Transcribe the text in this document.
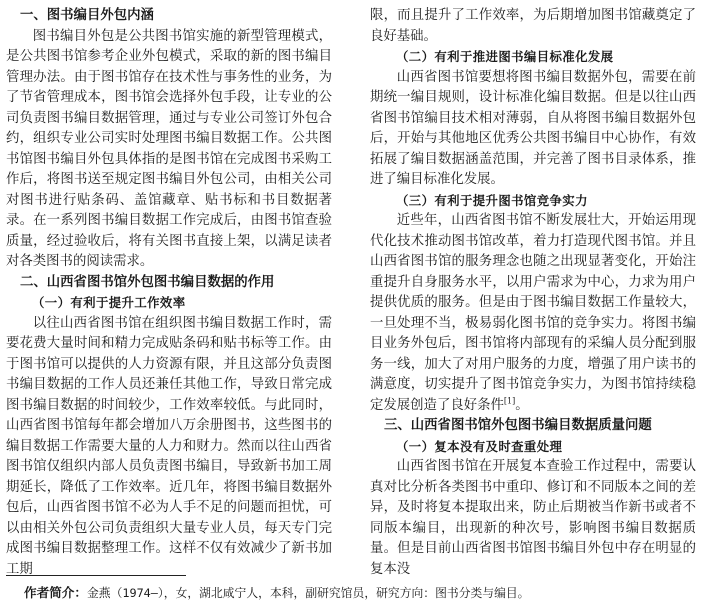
一、图书编目外包内涵

图书编目外包是公共图书馆实施的新型管理模式，是公共图书馆参考企业外包模式，采取的新的图书编目管理办法。由于图书馆存在技术性与事务性的业务，为了节省管理成本，图书馆会选择外包手段，让专业的公司负责图书编目数据管理，通过与专业公司签订外包合约，组织专业公司实时处理图书编目数据工作。公共图书馆图书编目外包具体指的是图书馆在完成图书采购工作后，将图书送至规定图书编目外包公司，由相关公司对图书进行贴条码、盖馆藏章、贴书标和书目数据著录。在一系列图书编目数据工作完成后，由图书馆查验质量，经过验收后，将有关图书直接上架，以满足读者对各类图书的阅读需求。

二、山西省图书馆外包图书编目数据的作用
（一）有利于提升工作效率

以往山西省图书馆在组织图书编目数据工作时，需要花费大量时间和精力完成贴条码和贴书标等工作。由于图书馆可以提供的人力资源有限，并且这部分负责图书编目数据的工作人员还兼任其他工作，导致日常完成图书编目数据的时间较少，工作效率较低。与此同时，山西省图书馆每年都会增加八万余册图书，这些图书的编目数据工作需要大量的人力和财力。然而以往山西省图书馆仅组织内部人员负责图书编目，导致新书加工周期延长，降低了工作效率。近几年，将图书编目数据外包后，山西省图书馆不必为人手不足的问题而担忧，可以由相关外包公司负责组织大量专业人员，每天专门完成图书编目数据整理工作。这样不仅有效减少了新书加工期

限，而且提升了工作效率，为后期增加图书馆藏奠定了良好基础。

（二）有利于推进图书编目标准化发展

山西省图书馆要想将图书编目数据外包，需要在前期统一编目规则，设计标准化编目数据。但是以往山西省图书馆编目技术相对薄弱，自从将图书编目数据外包后，开始与其他地区优秀公共图书编目中心协作，有效拓展了编目数据涵盖范围，并完善了图书目录体系，推进了编目标准化发展。

（三）有利于提升图书馆竞争实力

近些年，山西省图书馆不断发展壮大，开始运用现代化技术推动图书馆改革，着力打造现代图书馆。并且山西省图书馆的服务理念也随之出现显著变化，开始注重提升自身服务水平，以用户需求为中心，力求为用户提供优质的服务。但是由于图书编目数据工作量较大，一旦处理不当，极易弱化图书馆的竞争实力。将图书编目业务外包后，图书馆将内部现有的采编人员分配到服务一线，加大了对用户服务的力度，增强了用户读书的满意度，切实提升了图书馆竞争实力，为图书馆持续稳定发展创造了良好条件[1]。

三、山西省图书馆外包图书编目数据质量问题
（一）复本没有及时查重处理

山西省图书馆在开展复本查验工作过程中，需要认真对比分析各类图书中重印、修订和不同版本之间的差异，及时将复本提取出来，防止后期被当作新书或者不同版本编目，出现新的种次号，影响图书编目数据质量。但是目前山西省图书馆图书编目外包中存在明显的复本没

作者简介：金燕（1974—），女，湖北咸宁人，本科，副研究馆员，研究方向：图书分类与编目。
